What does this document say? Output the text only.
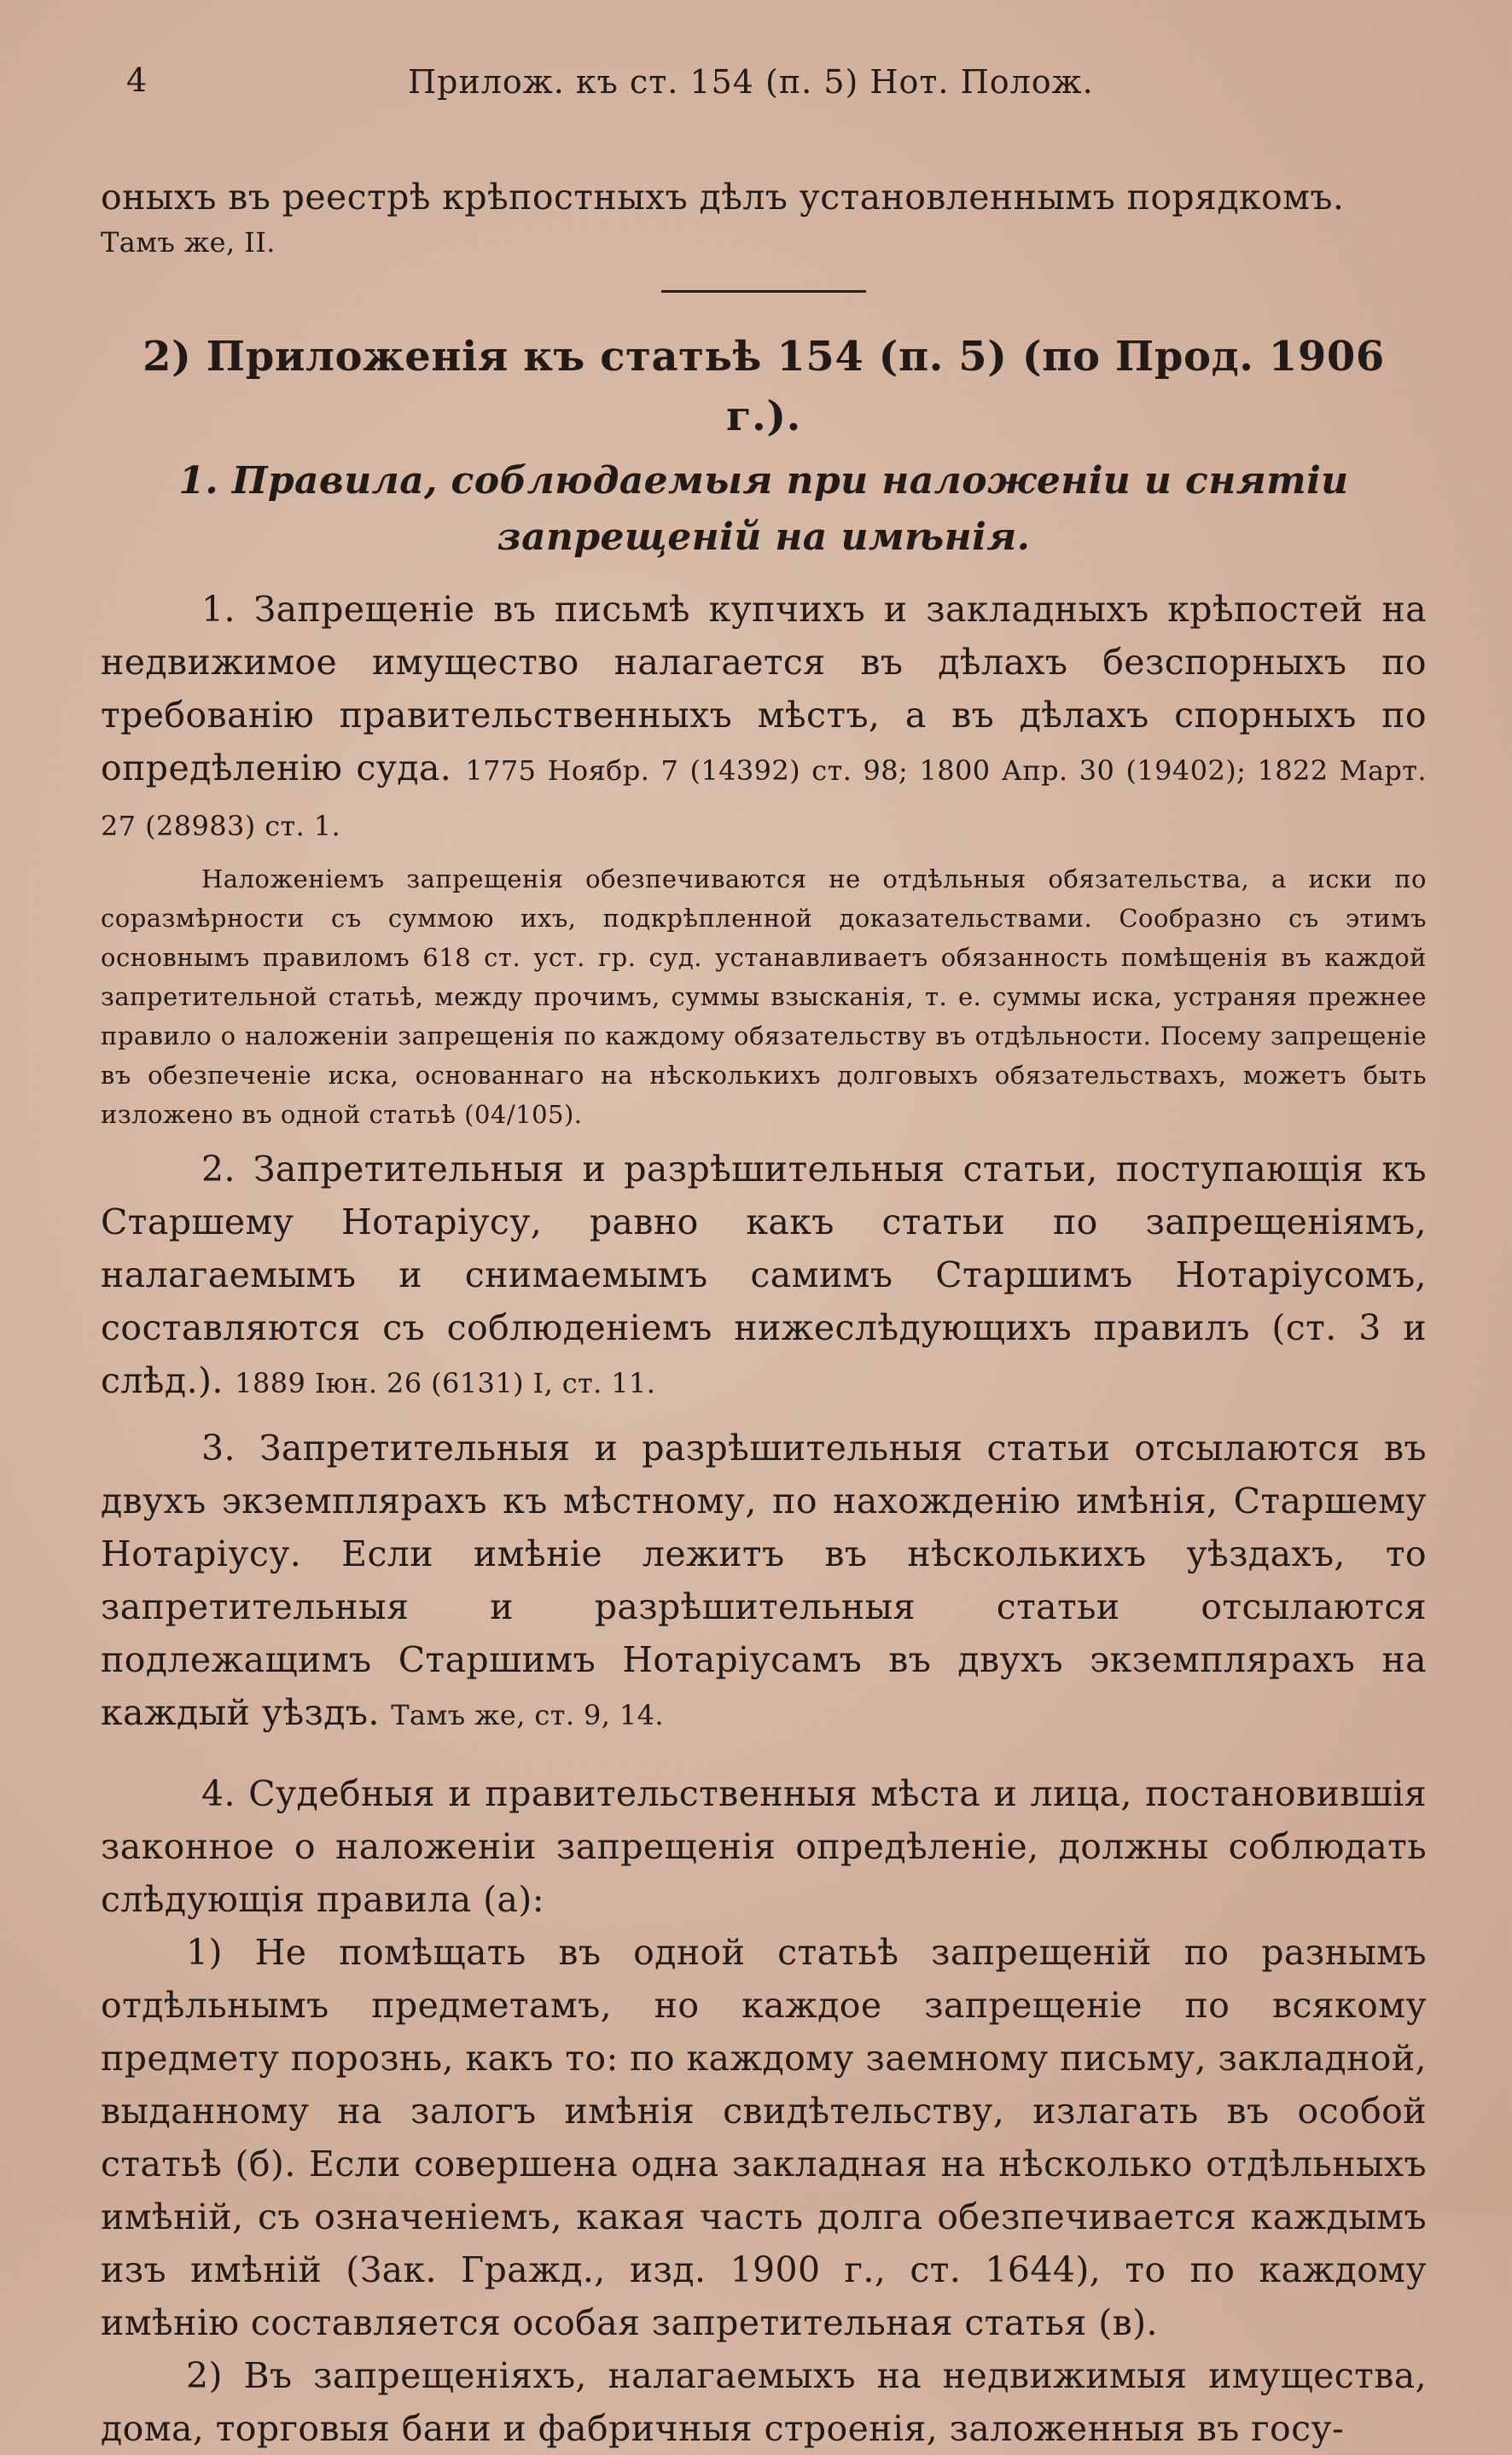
4	Прилож. къ ст. 154 (п. 5) Нот. Полож.

оныхъ въ реестрѣ крѣпостныхъ дѣлъ установленнымъ порядкомъ.

Тамъ же, II.

2) Приложенія къ статьѣ 154 (п. 5) (по Прод. 1906 г.).
1. Правила, соблюдаемыя при наложеніи и снятіи запрещеній на имѣнія.

1. Запрещеніе въ письмѣ купчихъ и закладныхъ крѣпостей на недвижимое имущество налагается въ дѣлахъ безспорныхъ по требованію правительственныхъ мѣстъ, а въ дѣлахъ спорныхъ по опредѣленію суда. 1775 Ноябр. 7 (14392) ст. 98; 1800 Апр. 30 (19402); 1822 Март. 27 (28983) ст. 1.

Наложеніемъ запрещенія обезпечиваются не отдѣльныя обязательства, а иски по соразмѣрности съ суммою ихъ, подкрѣпленной доказательствами. Сообразно съ этимъ основнымъ правиломъ 618 ст. уст. гр. суд. устанавливаетъ обязанность помѣщенія въ каждой запретительной статьѣ, между прочимъ, суммы взысканія, т. е. суммы иска, устраняя прежнее правило о наложеніи запрещенія по каждому обязательству въ отдѣльности. Посему запрещеніе въ обезпеченіе иска, основаннаго на нѣсколькихъ долговыхъ обязательствахъ, можетъ быть изложено въ одной статьѣ (04/105).

2. Запретительныя и разрѣшительныя статьи, поступающія къ Старшему Нотаріусу, равно какъ статьи по запрещеніямъ, налагаемымъ и снимаемымъ самимъ Старшимъ Нотаріусомъ, составляются съ соблюденіемъ нижеслѣдующихъ правилъ (ст. 3 и слѣд.). 1889 Іюн. 26 (6131) I, ст. 11.

3. Запретительныя и разрѣшительныя статьи отсылаются въ двухъ экземплярахъ къ мѣстному, по нахожденію имѣнія, Старшему Нотаріусу. Если имѣніе лежитъ въ нѣсколькихъ уѣздахъ, то запретительныя и разрѣшительныя статьи отсылаются подлежащимъ Старшимъ Нотаріусамъ въ двухъ экземплярахъ на каждый уѣздъ. Тамъ же, ст. 9, 14.

4. Судебныя и правительственныя мѣста и лица, постановившія законное о наложеніи запрещенія опредѣленіе, должны соблюдать слѣдующія правила (а):

1) Не помѣщать въ одной статьѣ запрещеній по разнымъ отдѣльнымъ предметамъ, но каждое запрещеніе по всякому предмету порознь, какъ то: по каждому заемному письму, закладной, выданному на залогъ имѣнія свидѣтельству, излагать въ особой статьѣ (б). Если совершена одна закладная на нѣсколько отдѣльныхъ имѣній, съ означеніемъ, какая часть долга обезпечивается каждымъ изъ имѣній (Зак. Гражд., изд. 1900 г., ст. 1644), то по каждому имѣнію составляется особая запретительная статья (в).

2) Въ запрещеніяхъ, налагаемыхъ на недвижимыя имущества, дома, торговыя бани и фабричныя строенія, заложенныя въ госу-
